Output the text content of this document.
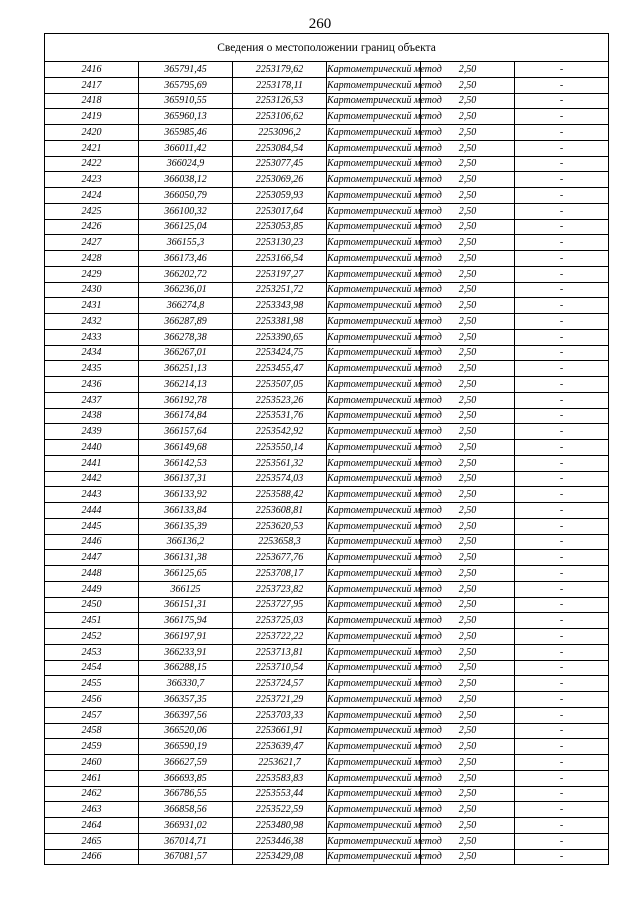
260
Сведения о местоположении границ объекта					
2416	365791,45	2253179,62	Картометрический метод	2,50	-
2417	365795,69	2253178,11	Картометрический метод	2,50	-
2418	365910,55	2253126,53	Картометрический метод	2,50	-
2419	365960,13	2253106,62	Картометрический метод	2,50	-
2420	365985,46	2253096,2	Картометрический метод	2,50	-
2421	366011,42	2253084,54	Картометрический метод	2,50	-
2422	366024,9	2253077,45	Картометрический метод	2,50	-
2423	366038,12	2253069,26	Картометрический метод	2,50	-
2424	366050,79	2253059,93	Картометрический метод	2,50	-
2425	366100,32	2253017,64	Картометрический метод	2,50	-
2426	366125,04	2253053,85	Картометрический метод	2,50	-
2427	366155,3	2253130,23	Картометрический метод	2,50	-
2428	366173,46	2253166,54	Картометрический метод	2,50	-
2429	366202,72	2253197,27	Картометрический метод	2,50	-
2430	366236,01	2253251,72	Картометрический метод	2,50	-
2431	366274,8	2253343,98	Картометрический метод	2,50	-
2432	366287,89	2253381,98	Картометрический метод	2,50	-
2433	366278,38	2253390,65	Картометрический метод	2,50	-
2434	366267,01	2253424,75	Картометрический метод	2,50	-
2435	366251,13	2253455,47	Картометрический метод	2,50	-
2436	366214,13	2253507,05	Картометрический метод	2,50	-
2437	366192,78	2253523,26	Картометрический метод	2,50	-
2438	366174,84	2253531,76	Картометрический метод	2,50	-
2439	366157,64	2253542,92	Картометрический метод	2,50	-
2440	366149,68	2253550,14	Картометрический метод	2,50	-
2441	366142,53	2253561,32	Картометрический метод	2,50	-
2442	366137,31	2253574,03	Картометрический метод	2,50	-
2443	366133,92	2253588,42	Картометрический метод	2,50	-
2444	366133,84	2253608,81	Картометрический метод	2,50	-
2445	366135,39	2253620,53	Картометрический метод	2,50	-
2446	366136,2	2253658,3	Картометрический метод	2,50	-
2447	366131,38	2253677,76	Картометрический метод	2,50	-
2448	366125,65	2253708,17	Картометрический метод	2,50	-
2449	366125	2253723,82	Картометрический метод	2,50	-
2450	366151,31	2253727,95	Картометрический метод	2,50	-
2451	366175,94	2253725,03	Картометрический метод	2,50	-
2452	366197,91	2253722,22	Картометрический метод	2,50	-
2453	366233,91	2253713,81	Картометрический метод	2,50	-
2454	366288,15	2253710,54	Картометрический метод	2,50	-
2455	366330,7	2253724,57	Картометрический метод	2,50	-
2456	366357,35	2253721,29	Картометрический метод	2,50	-
2457	366397,56	2253703,33	Картометрический метод	2,50	-
2458	366520,06	2253661,91	Картометрический метод	2,50	-
2459	366590,19	2253639,47	Картометрический метод	2,50	-
2460	366627,59	2253621,7	Картометрический метод	2,50	-
2461	366693,85	2253583,83	Картометрический метод	2,50	-
2462	366786,55	2253553,44	Картометрический метод	2,50	-
2463	366858,56	2253522,59	Картометрический метод	2,50	-
2464	366931,02	2253480,98	Картометрический метод	2,50	-
2465	367014,71	2253446,38	Картометрический метод	2,50	-
2466	367081,57	2253429,08	Картометрический метод	2,50	-
